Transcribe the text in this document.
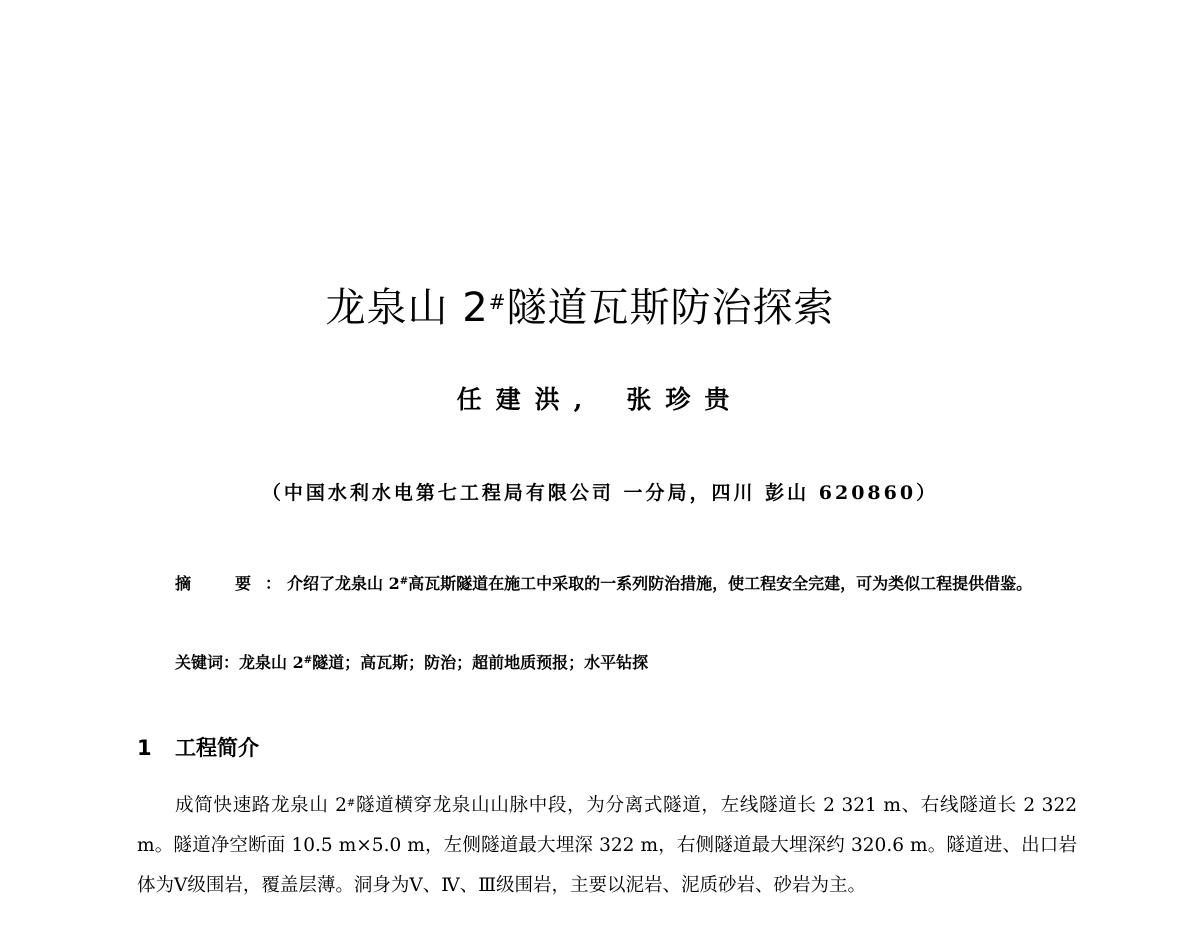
龙泉山 2#隧道瓦斯防治探索
任建洪, 张珍贵
（中国水利水电第七工程局有限公司 一分局，四川 彭山 620860）
摘　要：介绍了龙泉山 2#高瓦斯隧道在施工中采取的一系列防治措施，使工程安全完建，可为类似工程提供借鉴。
关键词：龙泉山 2#隧道；高瓦斯；防治；超前地质预报；水平钻探
1 工程简介
成简快速路龙泉山 2#隧道横穿龙泉山山脉中段，为分离式隧道，左线隧道长 2 321 m、右线隧道长 2 322 m。隧道净空断面 10.5 m×5.0 m，左侧隧道最大埋深 322 m，右侧隧道最大埋深约 320.6 m。隧道进、出口岩体为Ⅴ级围岩，覆盖层薄。洞身为Ⅴ、Ⅳ、Ⅲ级围岩，主要以泥岩、泥质砂岩、砂岩为主。
